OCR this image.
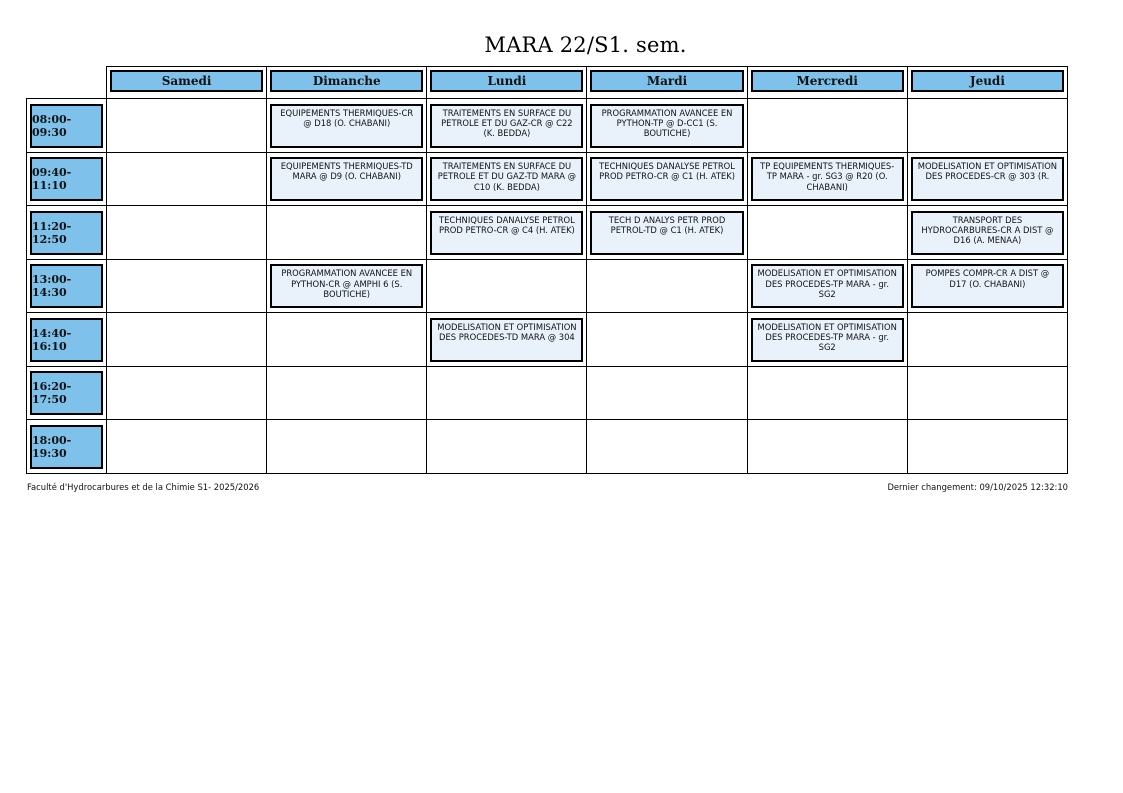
MARA 22/S1. sem.

	Samedi	Dimanche	Lundi	Mardi	Mercredi	Jeudi

08:00-09:30		EQUIPEMENTS THERMIQUES-CR @ D18 (O. CHABANI)	TRAITEMENTS EN SURFACE DU PETROLE ET DU GAZ-CR @ C22 (K. BEDDA)	PROGRAMMATION AVANCEE EN PYTHON-TP @ D-CC1 (S. BOUTICHE)		

09:40-11:10		EQUIPEMENTS THERMIQUES-TD MARA @ D9 (O. CHABANI)	TRAITEMENTS EN SURFACE DU PETROLE ET DU GAZ-TD MARA @ C10 (K. BEDDA)	TECHNIQUES DANALYSE PETROL PROD PETRO-CR @ C1 (H. ATEK)	TP EQUIPEMENTS THERMIQUES-TP MARA - gr. SG3 @ R20 (O. CHABANI)	MODELISATION ET OPTIMISATION DES PROCEDES-CR @ 303 (R.

11:20-12:50			TECHNIQUES DANALYSE PETROL PROD PETRO-CR @ C4 (H. ATEK)	TECH D ANALYS PETR PROD PETROL-TD @ C1 (H. ATEK)		TRANSPORT DES HYDROCARBURES-CR A DIST @ D16 (A. MENAA)

13:00-14:30		PROGRAMMATION AVANCEE EN PYTHON-CR @ AMPHI 6 (S. BOUTICHE)			MODELISATION ET OPTIMISATION DES PROCEDES-TP MARA - gr. SG2	POMPES COMPR-CR A DIST @ D17 (O. CHABANI)

14:40-16:10			MODELISATION ET OPTIMISATION DES PROCEDES-TD MARA @ 304		MODELISATION ET OPTIMISATION DES PROCEDES-TP MARA - gr. SG2	

16:20-17:50						

18:00-19:30						

Faculté d'Hydrocarbures et de la Chimie S1- 2025/2026	Dernier changement: 09/10/2025 12:32:10
